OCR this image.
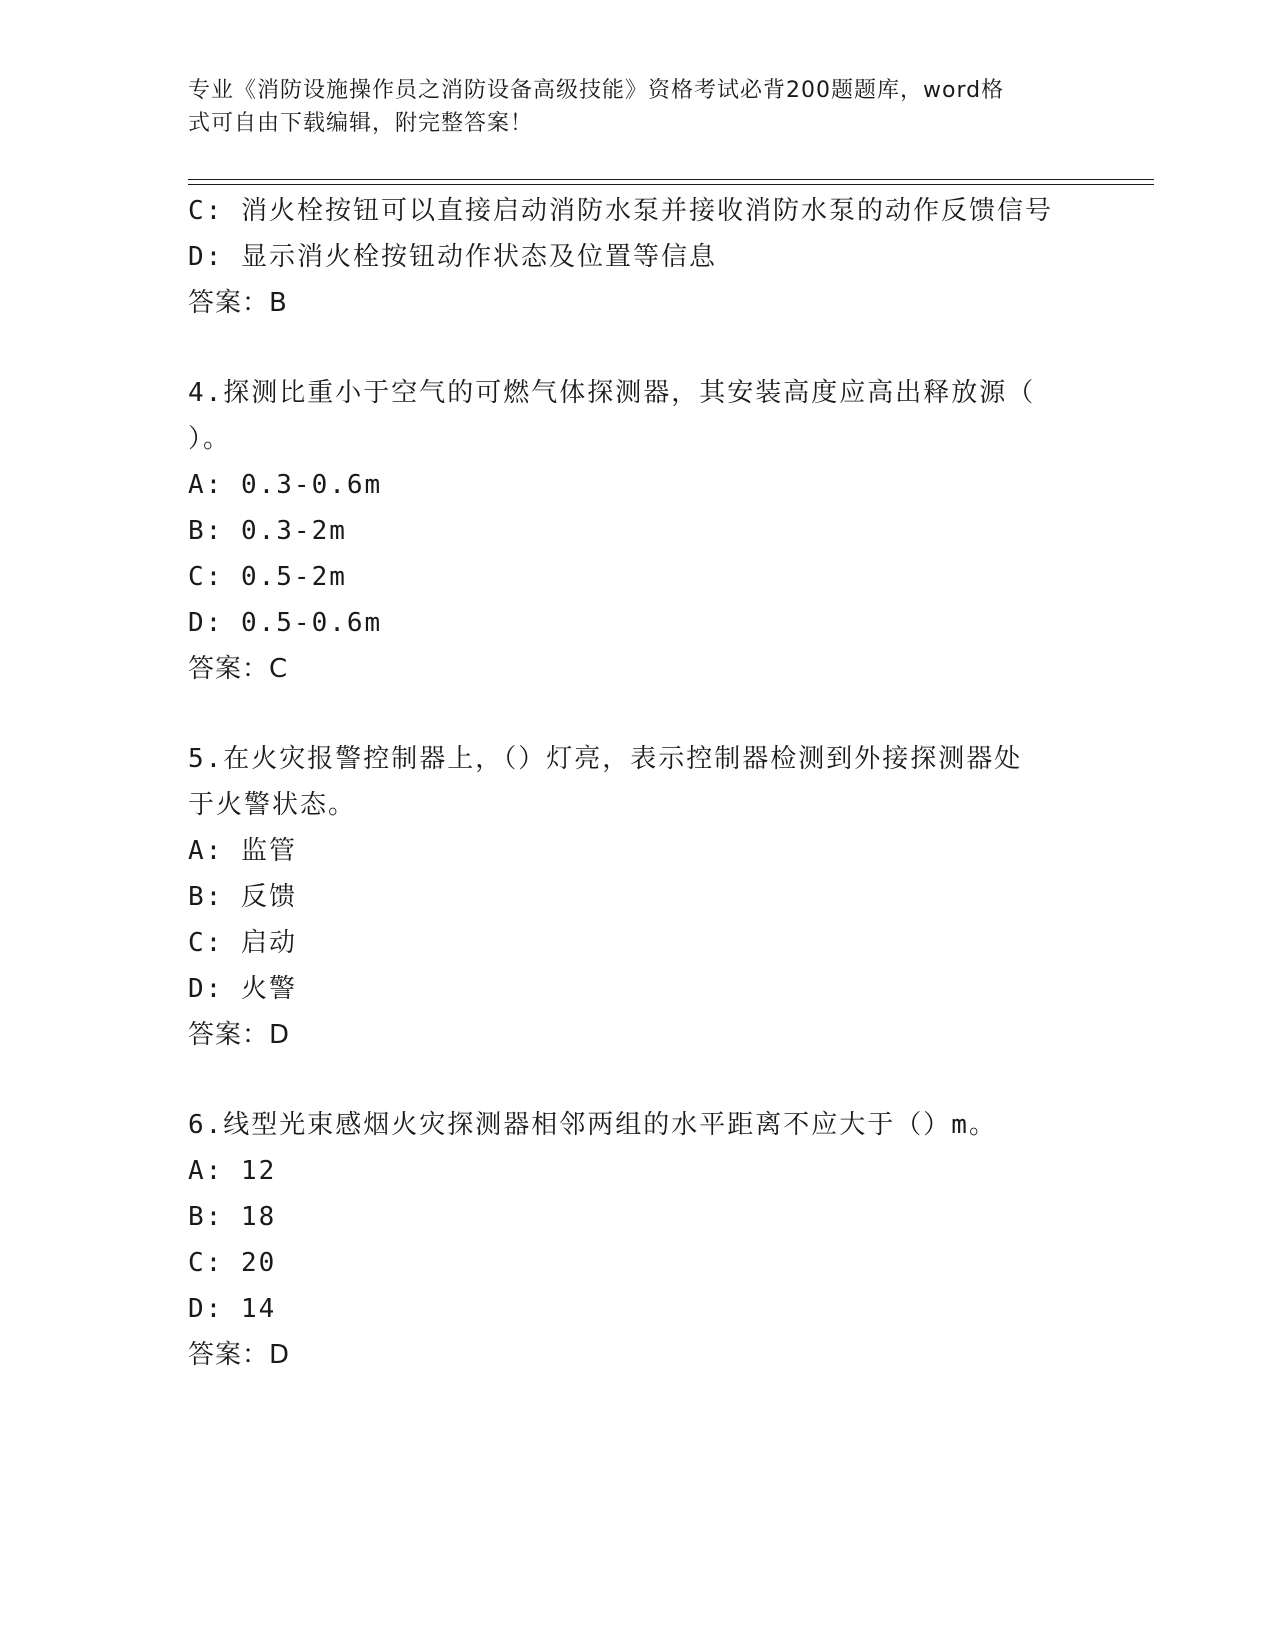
专业《消防设施操作员之消防设备高级技能》资格考试必背200题题库，word格
式可自由下载编辑，附完整答案！
C: 消火栓按钮可以直接启动消防水泵并接收消防水泵的动作反馈信号
D: 显示消火栓按钮动作状态及位置等信息
答案：B
4.探测比重小于空气的可燃气体探测器，其安装高度应高出释放源（
）。
A: 0.3-0.6m
B: 0.3-2m
C: 0.5-2m
D: 0.5-0.6m
答案：C
5.在火灾报警控制器上，（）灯亮，表示控制器检测到外接探测器处
于火警状态。
A: 监管
B: 反馈
C: 启动
D: 火警
答案：D
6.线型光束感烟火灾探测器相邻两组的水平距离不应大于（）m。
A: 12
B: 18
C: 20
D: 14
答案：D
